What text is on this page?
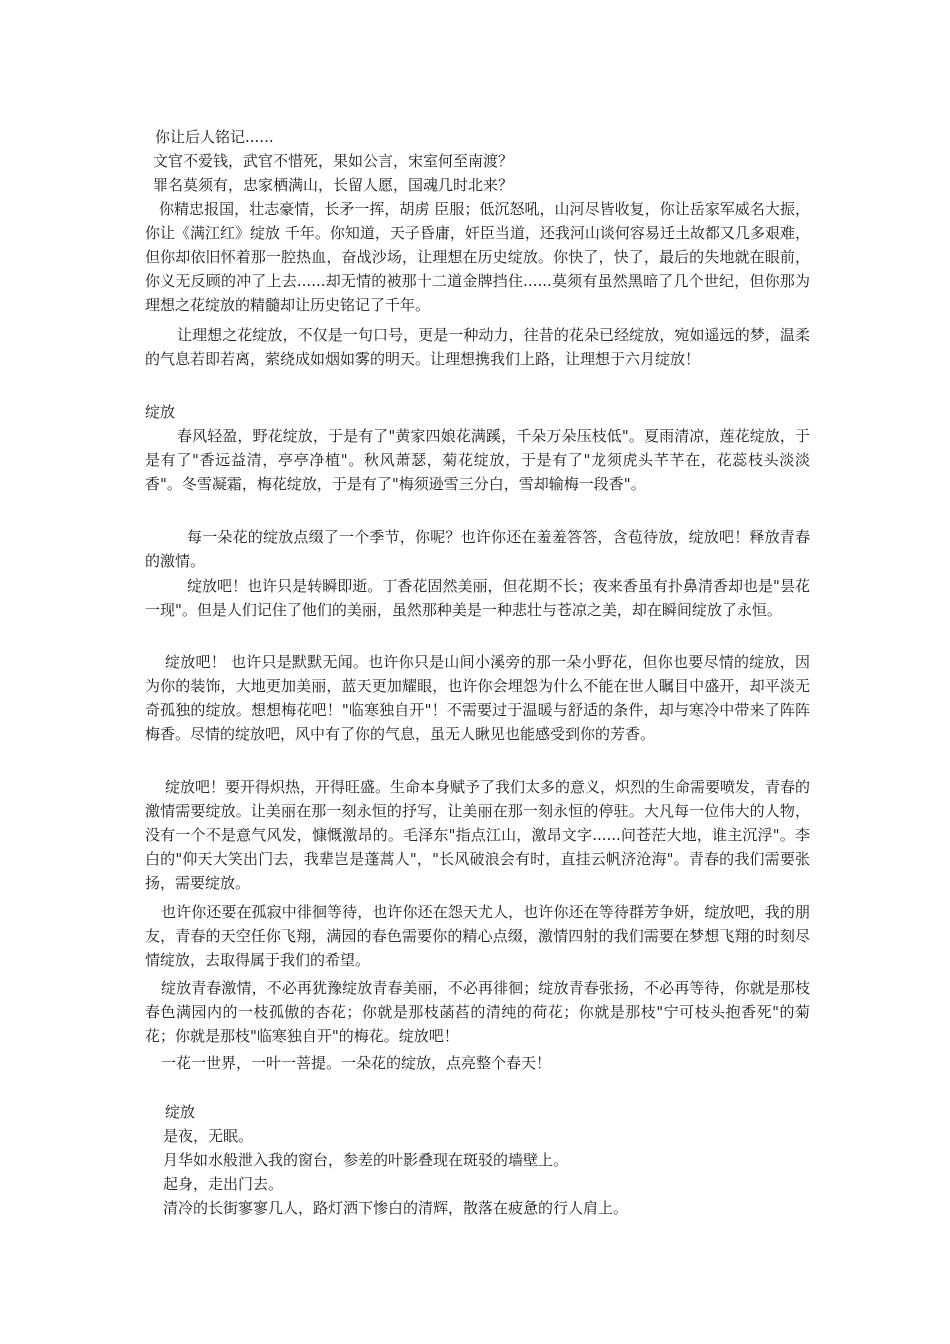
你让后人铭记......
文官不爱钱，武官不惜死，果如公言，宋室何至南渡？
罪名莫须有，忠家栖满山，长留人愿，国魂几时北来？

你精忠报国，壮志豪情，长矛一挥，胡虏 臣服；低沉怒吼，山河尽皆收复，你让岳家军威名大振，你让《满江红》绽放 千年。你知道，天子昏庸，奸臣当道，还我河山谈何容易迁土故都又几多艰难，但你却依旧怀着那一腔热血，奋战沙场，让理想在历史绽放。你快了，快了，最后的失地就在眼前，你义无反顾的冲了上去......却无情的被那十二道金牌挡住......莫须有虽然黑暗了几个世纪，但你那为理想之花绽放的精髓却让历史铭记了千年。

让理想之花绽放，不仅是一句口号，更是一种动力，往昔的花朵已经绽放，宛如遥远的梦，温柔的气息若即若离，萦绕成如烟如雾的明天。让理想携我们上路，让理想于六月绽放！

绽放

春风轻盈，野花绽放，于是有了"黄家四娘花满蹊，千朵万朵压枝低"。夏雨清凉，莲花绽放，于是有了"香远益清，亭亭净植"。秋风萧瑟，菊花绽放，于是有了"龙须虎头芊芊在，花蕊枝头淡淡香"。冬雪凝霜，梅花绽放，于是有了"梅须逊雪三分白，雪却输梅一段香"。

每一朵花的绽放点缀了一个季节，你呢？也许你还在羞羞答答，含苞待放，绽放吧！释放青春的激情。

绽放吧！也许只是转瞬即逝。丁香花固然美丽，但花期不长；夜来香虽有扑鼻清香却也是"昙花一现"。但是人们记住了他们的美丽，虽然那种美是一种悲壮与苍凉之美，却在瞬间绽放了永恒。

绽放吧！ 也许只是默默无闻。也许你只是山间小溪旁的那一朵小野花，但你也要尽情的绽放，因为你的装饰，大地更加美丽，蓝天更加耀眼，也许你会埋怨为什么不能在世人瞩目中盛开，却平淡无奇孤独的绽放。想想梅花吧！"临寒独自开"！不需要过于温暖与舒适的条件，却与寒冷中带来了阵阵梅香。尽情的绽放吧，风中有了你的气息，虽无人瞅见也能感受到你的芳香。

绽放吧！要开得炽热，开得旺盛。生命本身赋予了我们太多的意义，炽烈的生命需要喷发，青春的激情需要绽放。让美丽在那一刻永恒的抒写，让美丽在那一刻永恒的停驻。大凡每一位伟大的人物，没有一个不是意气风发，慷慨激昂的。毛泽东"指点江山，激昂文字......问苍茫大地，谁主沉浮"。李白的"仰天大笑出门去，我辈岂是蓬蒿人"，"长风破浪会有时，直挂云帆济沧海"。青春的我们需要张扬，需要绽放。

也许你还要在孤寂中徘徊等待，也许你还在怨天尤人，也许你还在等待群芳争妍，绽放吧，我的朋友，青春的天空任你飞翔，满园的春色需要你的精心点缀，激情四射的我们需要在梦想飞翔的时刻尽情绽放，去取得属于我们的希望。

绽放青春激情，不必再犹豫绽放青春美丽，不必再徘徊；绽放青春张扬，不必再等待，你就是那枝春色满园内的一枝孤傲的杏花；你就是那枝菡萏的清纯的荷花；你就是那枝"宁可枝头抱香死"的菊花；你就是那枝"临寒独自开"的梅花。绽放吧！

一花一世界，一叶一菩提。一朵花的绽放，点亮整个春天！

绽放
是夜，无眠。
月华如水般泄入我的窗台，参差的叶影叠现在斑驳的墙壁上。
起身，走出门去。
清冷的长街寥寥几人，路灯洒下惨白的清辉，散落在疲惫的行人肩上。
